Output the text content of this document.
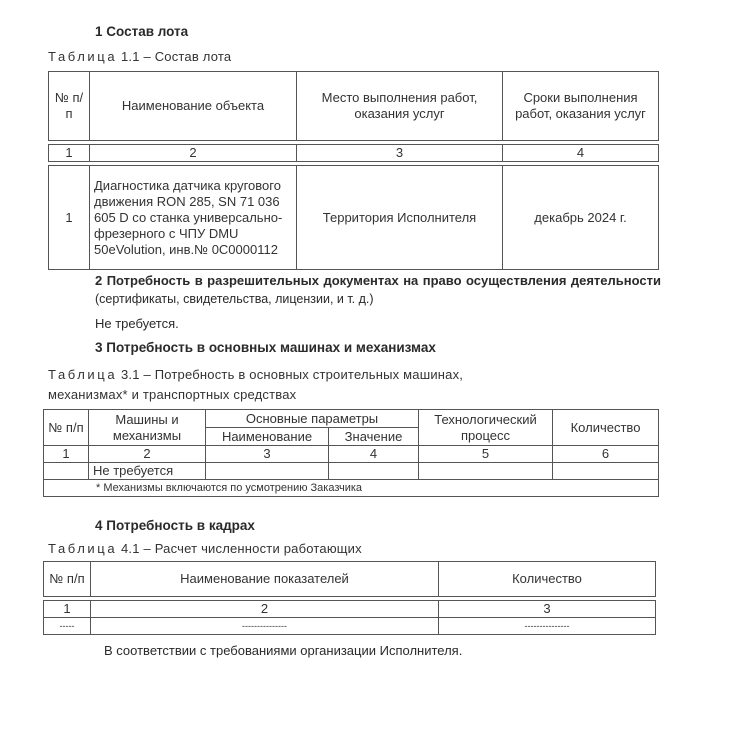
1 Состав лота
Таблица 1.1 – Состав лота
№ п/п	Наименование объекта	Место выполнения работ, оказания услуг	Сроки выполнения работ, оказания услуг

1	2	3	4

1	Диагностика датчика кругового движения RON 285, SN 71 036 605 D со станка универсально-фрезерного с ЧПУ DMU 50eVolution, инв.№ 0С0000112	Территория Исполнителя	декабрь 2024 г.
2 Потребность в разрешительных документах на право осуществления деятельности
(сертификаты, свидетельства, лицензии, и т. д.)
Не требуется.
3 Потребность в основных машинах и механизмах
Таблица 3.1 – Потребность в основных строительных машинах,
механизмах* и транспортных средствах
№ п/п	Машины и механизмы	Основные параметры		Технологический процесс	Количество
		Наименование	Значение		
1	2	3	4	5	6
	Не требуется				
* Механизмы включаются по усмотрению Заказчика					
4 Потребность в кадрах
Таблица 4.1 – Расчет численности работающих
№ п/п	Наименование показателей	Количество

1	2	3
-----	---------------	---------------
В соответствии с требованиями организации Исполнителя.
